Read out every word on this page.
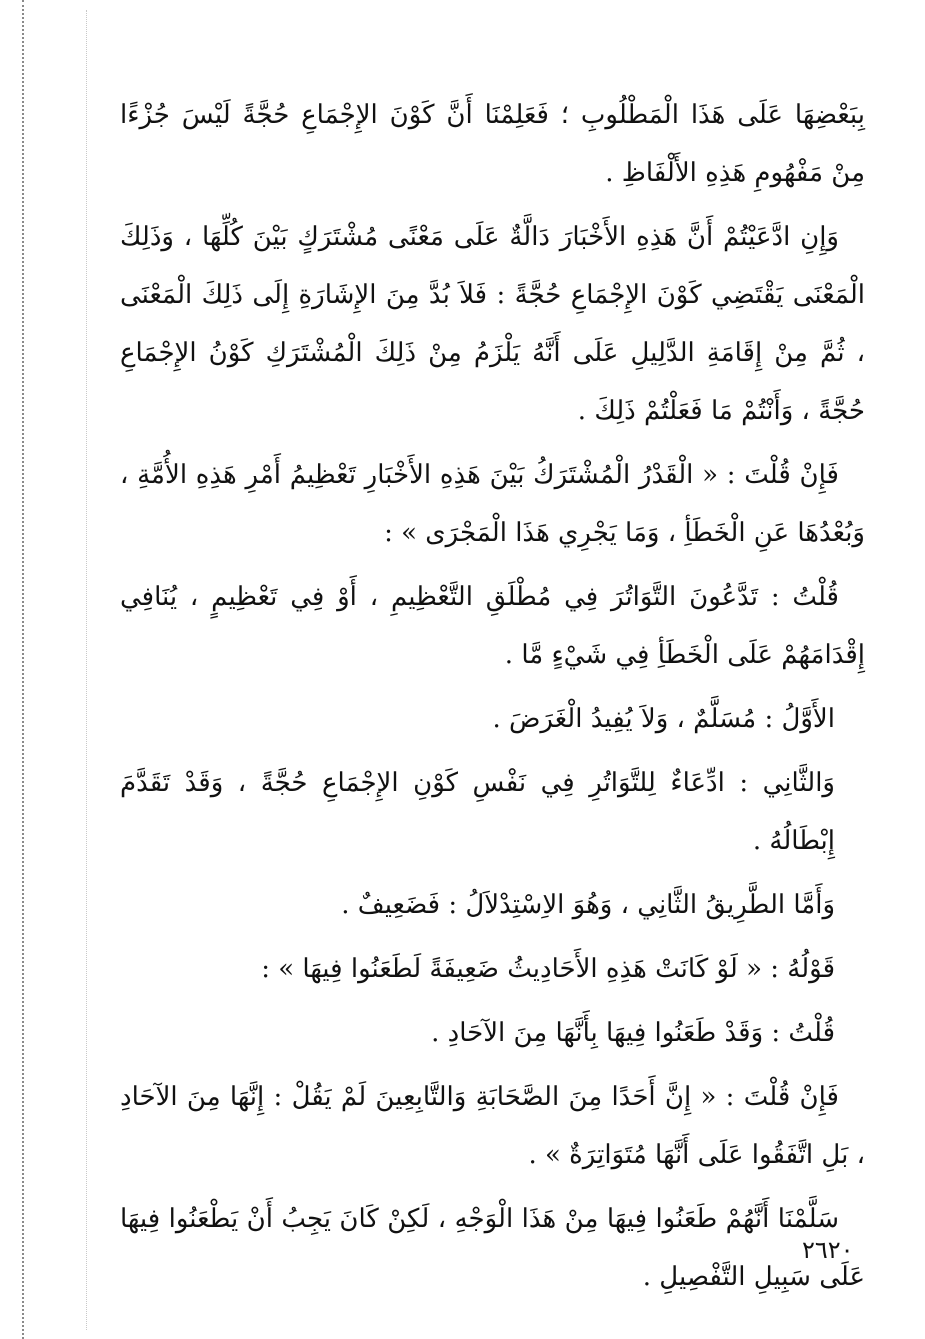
بِبَعْضِهَا عَلَى هَذَا الْمَطْلُوبِ ؛ فَعَلِمْنَا أَنَّ كَوْنَ الإِجْمَاعِ حُجَّةً لَيْسَ جُزْءًا مِنْ مَفْهُومِ هَذِهِ الأَلْفَاظِ .

وَإِنِ ادَّعَيْتُمْ أَنَّ هَذِهِ الأَخْبَارَ دَالَّةٌ عَلَى مَعْنًى مُشْتَرَكٍ بَيْنَ كُلِّهَا ، وَذَلِكَ الْمَعْنَى يَقْتَضِي كَوْنَ الإِجْمَاعِ حُجَّةً : فَلاَ بُدَّ مِنَ الإِشَارَةِ إِلَى ذَلِكَ الْمَعْنَى ، ثُمَّ مِنْ إِقَامَةِ الدَّلِيلِ عَلَى أَنَّهُ يَلْزَمُ مِنْ ذَلِكَ الْمُشْتَرَكِ كَوْنُ الإِجْمَاعِ حُجَّةً ، وَأَنْتُمْ مَا فَعَلْتُمْ ذَلِكَ .

فَإِنْ قُلْتَ : « الْقَدْرُ الْمُشْتَرَكُ بَيْنَ هَذِهِ الأَخْبَارِ تَعْظِيمُ أَمْرِ هَذِهِ الأُمَّةِ ، وَبُعْدُهَا عَنِ الْخَطَأِ ، وَمَا يَجْرِي هَذَا الْمَجْرَى » :

قُلْتُ : تَدَّعُونَ التَّوَاتُرَ فِي مُطْلَقِ التَّعْظِيمِ ، أَوْ فِي تَعْظِيمٍ ، يُنَافِي إِقْدَامَهُمْ عَلَى الْخَطَأِ فِي شَيْءٍ مَّا .

الأَوَّلُ : مُسَلَّمٌ ، وَلاَ يُفِيدُ الْغَرَضَ .

وَالثَّانِي : ادِّعَاءٌ لِلتَّوَاتُرِ فِي نَفْسِ كَوْنِ الإِجْمَاعِ حُجَّةً ، وَقَدْ تَقَدَّمَ إِبْطَالُهُ .

وَأَمَّا الطَّرِيقُ الثَّانِي ، وَهُوَ الاِسْتِدْلاَلُ : فَضَعِيفٌ .

قَوْلُهُ : « لَوْ كَانَتْ هَذِهِ الأَحَادِيثُ ضَعِيفَةً لَطَعَنُوا فِيهَا » :

قُلْتُ : وَقَدْ طَعَنُوا فِيهَا بِأَنَّهَا مِنَ الآحَادِ .

فَإِنْ قُلْتَ : « إِنَّ أَحَدًا مِنَ الصَّحَابَةِ وَالتَّابِعِينَ لَمْ يَقُلْ : إِنَّهَا مِنَ الآحَادِ ، بَلِ اتَّفَقُوا عَلَى أَنَّهَا مُتَوَاتِرَةٌ » .

سَلَّمْنَا أَنَّهُمْ طَعَنُوا فِيهَا مِنْ هَذَا الْوَجْهِ ، لَكِنْ كَانَ يَجِبُ أَنْ يَطْعَنُوا فِيهَا عَلَى سَبِيلِ التَّفْصِيلِ .

٢٦٢٠
